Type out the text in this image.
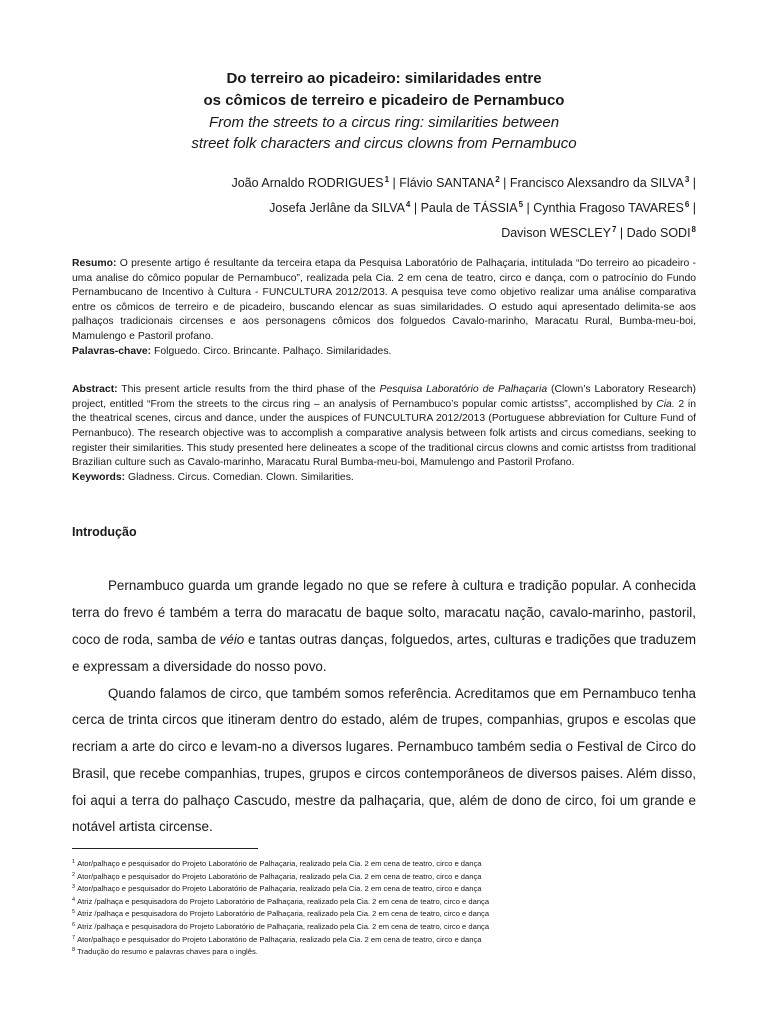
Do terreiro ao picadeiro: similaridades entre
os cômicos de terreiro e picadeiro de Pernambuco
From the streets to a circus ring: similarities between
street folk characters and circus clowns from Pernambuco
João Arnaldo RODRIGUES$^1$ | Flávio SANTANA$^2$ | Francisco Alexsandro da SILVA$^3$ |
Josefa Jerlâne da SILVA$^4$ | Paula de TÁSSIA$^5$ | Cynthia Fragoso TAVARES$^6$ |
Davison WESCLEY$^7$ | Dado SODI$^8$

Resumo: O presente artigo é resultante da terceira etapa da Pesquisa Laboratório de Palhaçaria, intitulada “Do terreiro ao picadeiro - uma analise do cômico popular de Pernambuco”, realizada pela Cia. 2 em cena de teatro, circo e dança, com o patrocínio do Fundo Pernambucano de Incentivo à Cultura - FUNCULTURA 2012/2013. A pesquisa teve como objetivo realizar uma análise comparativa entre os cômicos de terreiro e de picadeiro, buscando elencar as suas similaridades. O estudo aqui apresentado delimita-se aos palhaços tradicionais circenses e aos personagens cômicos dos folguedos Cavalo-marinho, Maracatu Rural, Bumba-meu-boi, Mamulengo e Pastoril profano.

Palavras-chave: Folguedo. Circo. Brincante. Palhaço. Similaridades.

Abstract: This present article results from the third phase of the Pesquisa Laboratório de Palhaçaria (Clown’s Laboratory Research) project, entitled “From the streets to the circus ring – an analysis of Pernambuco’s popular comic artistss”, accomplished by Cia. 2 in the theatrical scenes, circus and dance, under the auspices of FUNCULTURA 2012/2013 (Portuguese abbreviation for Culture Fund of Pernanbuco). The research objective was to accomplish a comparative analysis between folk artists and circus comedians, seeking to register their similarities. This study presented here delineates a scope of the traditional circus clowns and comic artistss from traditional Brazilian culture such as Cavalo-marinho, Maracatu Rural Bumba-meu-boi, Mamulengo and Pastoril Profano.

Keywords: Gladness. Circus. Comedian. Clown. Similarities.

Introdução

Pernambuco guarda um grande legado no que se refere à cultura e tradição popular. A conhecida terra do frevo é também a terra do maracatu de baque solto, maracatu nação, cavalo-marinho, pastoril, coco de roda, samba de véio e tantas outras danças, folguedos, artes, culturas e tradições que traduzem e expressam a diversidade do nosso povo.

Quando falamos de circo, que também somos referência. Acreditamos que em Pernambuco tenha cerca de trinta circos que itineram dentro do estado, além de trupes, companhias, grupos e escolas que recriam a arte do circo e levam-no a diversos lugares. Pernambuco também sedia o Festival de Circo do Brasil, que recebe companhias, trupes, grupos e circos contemporâneos de diversos paises. Além disso, foi aqui a terra do palhaço Cascudo, mestre da palhaçaria, que, além de dono de circo, foi um grande e notável artista circense.

$^1$ Ator/palhaço e pesquisador do Projeto Laboratório de Palhaçaria, realizado pela Cia. 2 em cena de teatro, circo e dança
$^2$ Ator/palhaço e pesquisador do Projeto Laboratório de Palhaçaria, realizado pela Cia. 2 em cena de teatro, circo e dança
$^3$ Ator/palhaço e pesquisador do Projeto Laboratório de Palhaçaria, realizado pela Cia. 2 em cena de teatro, circo e dança
$^4$ Atriz /palhaça e pesquisadora do Projeto Laboratório de Palhaçaria, realizado pela Cia. 2 em cena de teatro, circo e dança
$^5$ Atriz /palhaça e pesquisadora do Projeto Laboratório de Palhaçaria, realizado pela Cia. 2 em cena de teatro, circo e dança
$^6$ Atriz /palhaça e pesquisadora do Projeto Laboratório de Palhaçaria, realizado pela Cia. 2 em cena de teatro, circo e dança
$^7$ Ator/palhaço e pesquisador do Projeto Laboratório de Palhaçaria, realizado pela Cia. 2 em cena de teatro, circo e dança
$^8$ Tradução do resumo e palavras chaves para o inglês.
